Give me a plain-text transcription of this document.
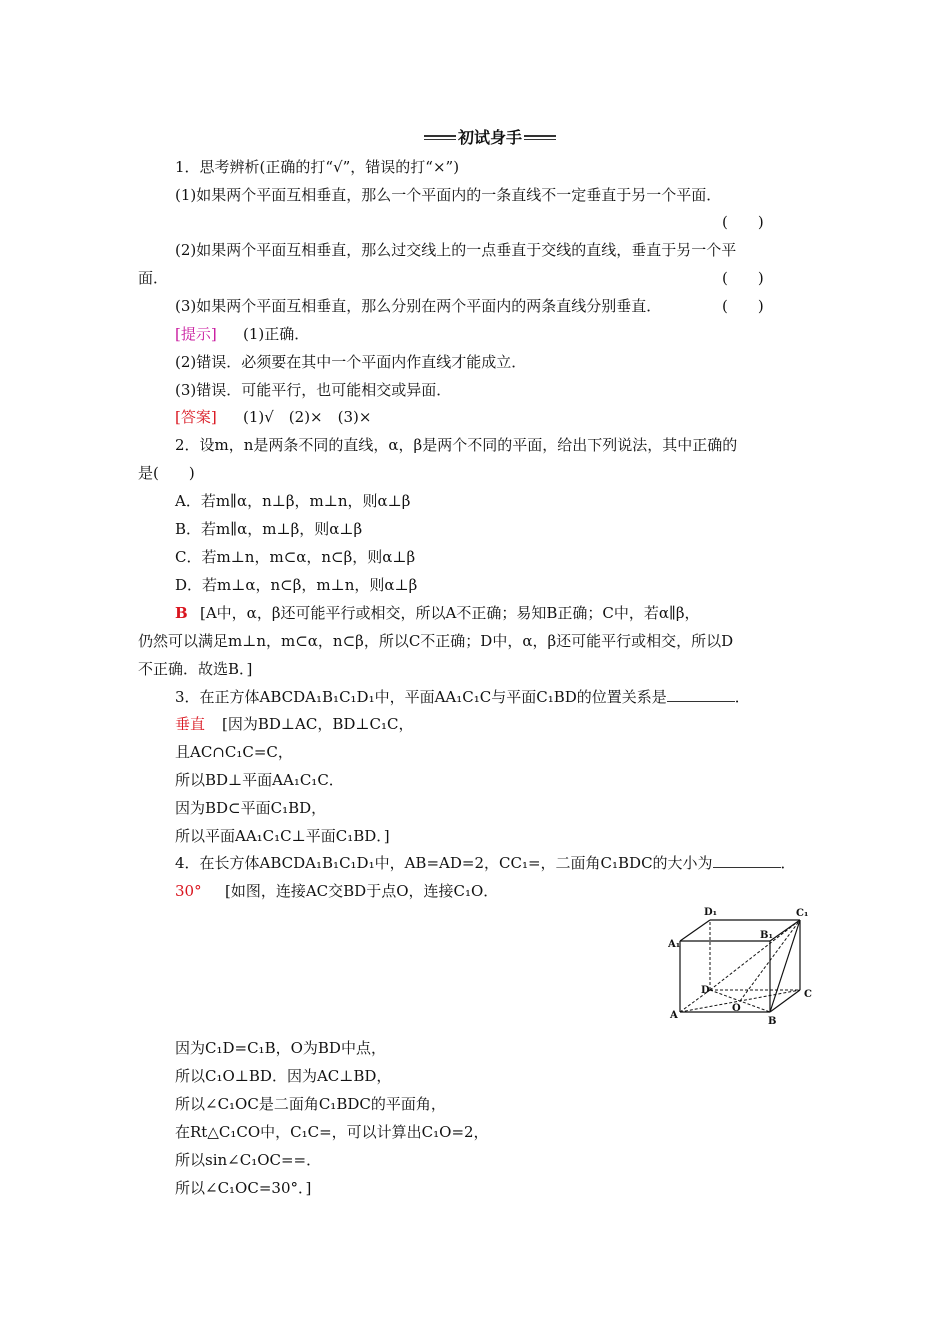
初试身手
1．思考辨析(正确的打“√”，错误的打“×”)
(1)如果两个平面互相垂直，那么一个平面内的一条直线不一定垂直于另一个平面．
(　　)
(2)如果两个平面互相垂直，那么过交线上的一点垂直于交线的直线，垂直于另一个平
面．	(　　)
(3)如果两个平面互相垂直，那么分别在两个平面内的两条直线分别垂直．	(　　)
[提示] (1)正确．
(2)错误．必须要在其中一个平面内作直线才能成立．
(3)错误．可能平行，也可能相交或异面．
[答案] (1)√　(2)×　(3)×
2．设m，n是两条不同的直线，α，β是两个不同的平面，给出下列说法，其中正确的
是(　　)
A．若m∥α，n⊥β，m⊥n，则α⊥β
B．若m∥α，m⊥β，则α⊥β
C．若m⊥n，m⊂α，n⊂β，则α⊥β
D．若m⊥α，n⊂β，m⊥n，则α⊥β
B [A中，α，β还可能平行或相交，所以A不正确；易知B正确；C中，若α∥β，
仍然可以满足m⊥n，m⊂α，n⊂β，所以C不正确；D中，α，β还可能平行或相交，所以D
不正确．故选B．]
3．在正方体ABCDA₁B₁C₁D₁中，平面AA₁C₁C与平面C₁BD的位置关系是	．
垂直 [因为BD⊥AC，BD⊥C₁C，
且AC∩C₁C=C，
所以BD⊥平面AA₁C₁C．
因为BD⊂平面C₁BD，
所以平面AA₁C₁C⊥平面C₁BD．]
4．在长方体ABCDA₁B₁C₁D₁中，AB=AD=2，CC₁=，二面角C₁BDC的大小为	．
30° [如图，连接AC交BD于点O，连接C₁O．
D₁	C₁
A₁
B₁
D
O
C
A
B
因为C₁D=C₁B，O为BD中点，
所以C₁O⊥BD．因为AC⊥BD，
所以∠C₁OC是二面角C₁BDC的平面角，
在Rt△C₁CO中，C₁C=，可以计算出C₁O=2，
所以sin∠C₁OC==．
所以∠C₁OC=30°．]
